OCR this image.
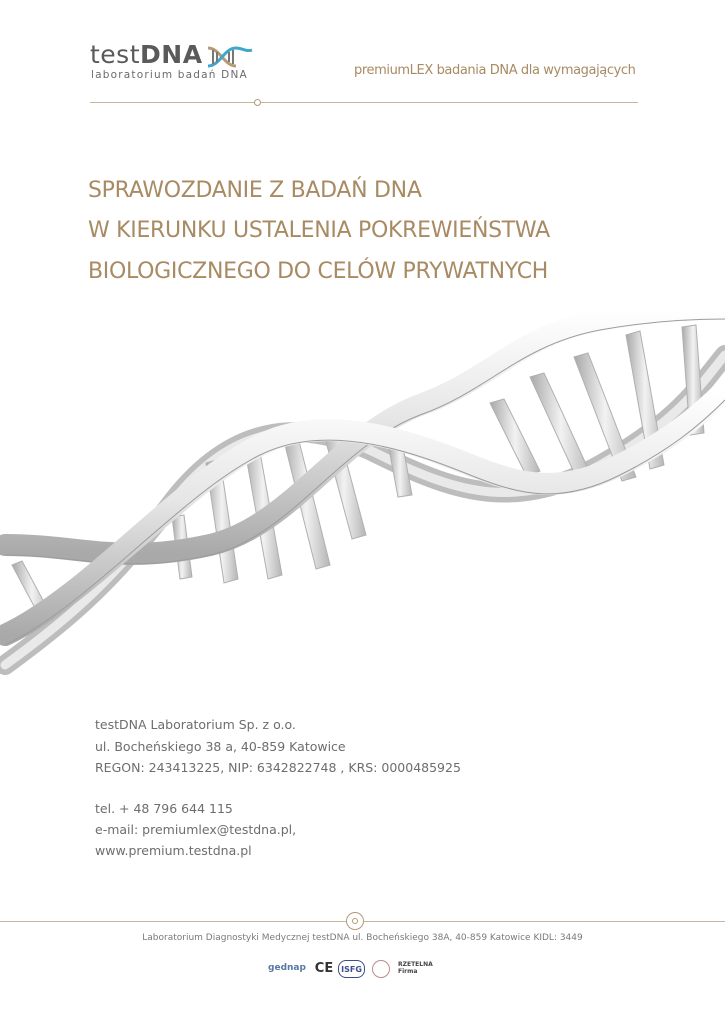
testDNA
laboratorium badań DNA	premiumLEX badania DNA dla wymagających
SPRAWOZDANIE Z BADAŃ DNA
W KIERUNKU USTALENIA POKREWIEŃSTWA
BIOLOGICZNEGO DO CELÓW PRYWATNYCH
testDNA Laboratorium Sp. z o.o.
ul. Bocheńskiego 38 a, 40-859 Katowice
REGON: 243413225, NIP: 6342822748 , KRS: 0000485925
tel. + 48 796 644 115
e-mail: premiumlex@testdna.pl,
www.premium.testdna.pl
Laboratorium Diagnostyki Medycznej testDNA ul. Bocheńskiego 38A, 40-859 Katowice KIDL: 3449
gednap CE ISFG	RZETELNA Firma
